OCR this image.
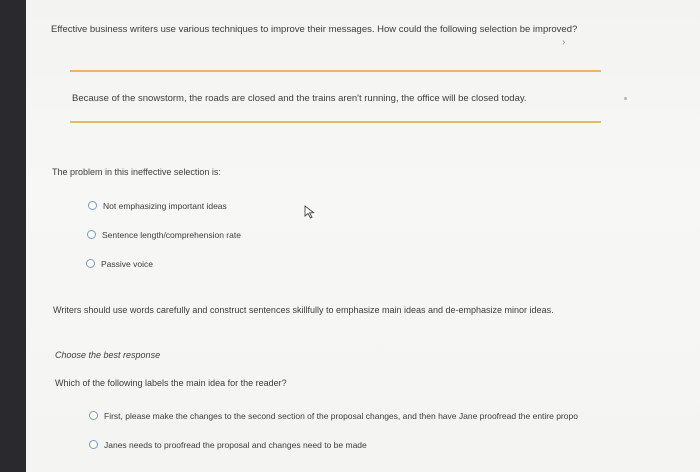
Effective business writers use various techniques to improve their messages. How could the following selection be improved?
›
Because of the snowstorm, the roads are closed and the trains aren't running, the office will be closed today.
The problem in this ineffective selection is:
Not emphasizing important ideas
Sentence length/comprehension rate
Passive voice
Writers should use words carefully and construct sentences skillfully to emphasize main ideas and de-emphasize minor ideas.
Choose the best response
Which of the following labels the main idea for the reader?
First, please make the changes to the second section of the proposal changes, and then have Jane proofread the entire propo
Janes needs to proofread the proposal and changes need to be made
